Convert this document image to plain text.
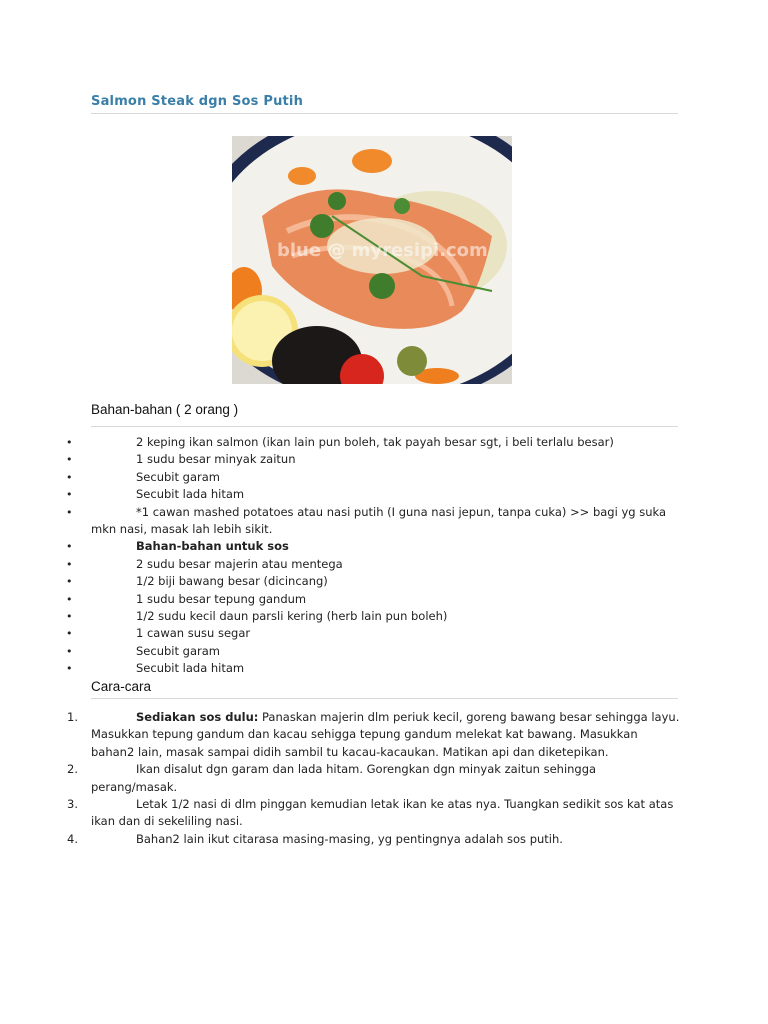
Salmon Steak dgn Sos Putih
blue @ myresipi.com
Bahan-bahan ( 2 orang )
•	2 keping ikan salmon (ikan lain pun boleh, tak payah besar sgt, i beli terlalu besar)
•	1 sudu besar minyak zaitun
•	Secubit garam
•	Secubit lada hitam
•	*1 cawan mashed potatoes atau nasi putih (I guna nasi jepun, tanpa cuka) >> bagi yg suka mkn nasi, masak lah lebih sikit.
•	Bahan-bahan untuk sos
•	2 sudu besar majerin atau mentega
•	1/2 biji bawang besar (dicincang)
•	1 sudu besar tepung gandum
•	1/2 sudu kecil daun parsli kering (herb lain pun boleh)
•	1 cawan susu segar
•	Secubit garam
•	Secubit lada hitam
Cara-cara
1.	Sediakan sos dulu: Panaskan majerin dlm periuk kecil, goreng bawang besar sehingga layu. Masukkan tepung gandum dan kacau sehigga tepung gandum melekat kat bawang. Masukkan bahan2 lain, masak sampai didih sambil tu kacau-kacaukan. Matikan api dan diketepikan.
2.	Ikan disalut dgn garam dan lada hitam. Gorengkan dgn minyak zaitun sehingga perang/masak.
3.	Letak 1/2 nasi di dlm pinggan kemudian letak ikan ke atas nya. Tuangkan sedikit sos kat atas ikan dan di sekeliling nasi.
4.	Bahan2 lain ikut citarasa masing-masing, yg pentingnya adalah sos putih.
